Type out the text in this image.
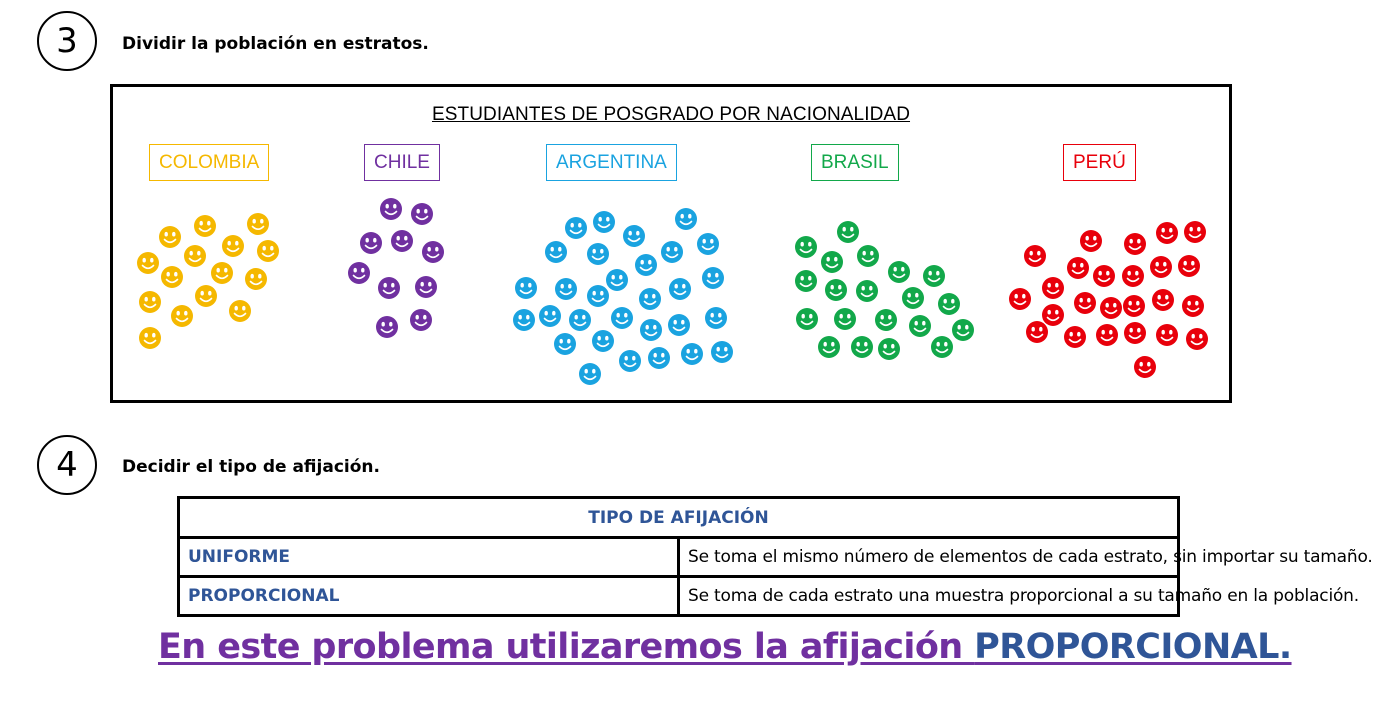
3	Dividir la población en estratos.
ESTUDIANTES DE POSGRADO POR NACIONALIDAD
COLOMBIA	CHILE	ARGENTINA	BRASIL	PERÚ
4	Decidir el tipo de afijación.
TIPO DE AFIJACIÓN	
UNIFORME	Se toma el mismo número de elementos de cada estrato, sin importar su tamaño.
PROPORCIONAL	Se toma de cada estrato una muestra proporcional a su tamaño en la población.
En este problema utilizaremos la afijación PROPORCIONAL.
